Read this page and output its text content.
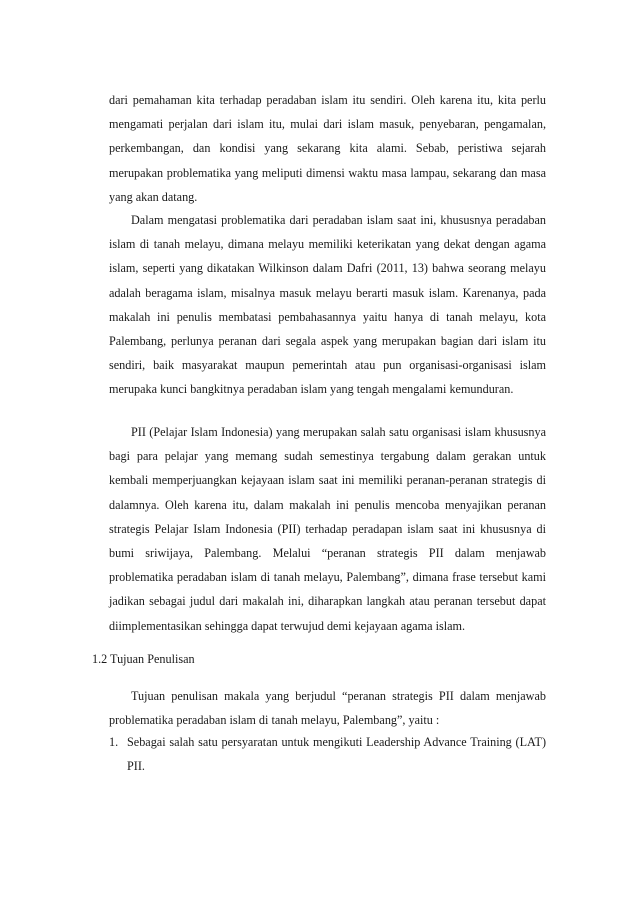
dari pemahaman kita terhadap peradaban islam itu sendiri. Oleh karena itu, kita perlu mengamati perjalan dari islam itu, mulai dari islam masuk, penyebaran, pengamalan, perkembangan, dan kondisi yang sekarang kita alami. Sebab, peristiwa sejarah merupakan problematika yang meliputi dimensi waktu masa lampau, sekarang dan masa yang akan datang.

Dalam mengatasi problematika dari peradaban islam saat ini, khususnya peradaban islam di tanah melayu, dimana melayu memiliki keterikatan yang dekat dengan agama islam, seperti yang dikatakan Wilkinson dalam Dafri (2011, 13) bahwa seorang melayu adalah beragama islam, misalnya masuk melayu berarti masuk islam. Karenanya, pada makalah ini penulis membatasi pembahasannya yaitu hanya di tanah melayu, kota Palembang, perlunya peranan dari segala aspek yang merupakan bagian dari islam itu sendiri, baik masyarakat maupun pemerintah atau pun organisasi-organisasi islam merupaka kunci bangkitnya peradaban islam yang tengah mengalami kemunduran.

PII (Pelajar Islam Indonesia) yang merupakan salah satu organisasi islam khususnya bagi para pelajar yang memang sudah semestinya tergabung dalam gerakan untuk kembali memperjuangkan kejayaan islam saat ini memiliki peranan-peranan strategis di dalamnya. Oleh karena itu, dalam makalah ini penulis mencoba menyajikan peranan strategis Pelajar Islam Indonesia (PII) terhadap peradapan islam saat ini khususnya di bumi sriwijaya, Palembang. Melalui “peranan strategis PII dalam menjawab problematika peradaban islam di tanah melayu, Palembang”, dimana frase tersebut kami jadikan sebagai judul dari makalah ini, diharapkan langkah atau peranan tersebut dapat diimplementasikan sehingga dapat terwujud demi kejayaan agama islam.

1.2 Tujuan Penulisan

Tujuan penulisan makala yang berjudul “peranan strategis PII dalam menjawab problematika peradaban islam di tanah melayu, Palembang”, yaitu :

1. Sebagai salah satu persyaratan untuk mengikuti Leadership Advance Training (LAT) PII.
